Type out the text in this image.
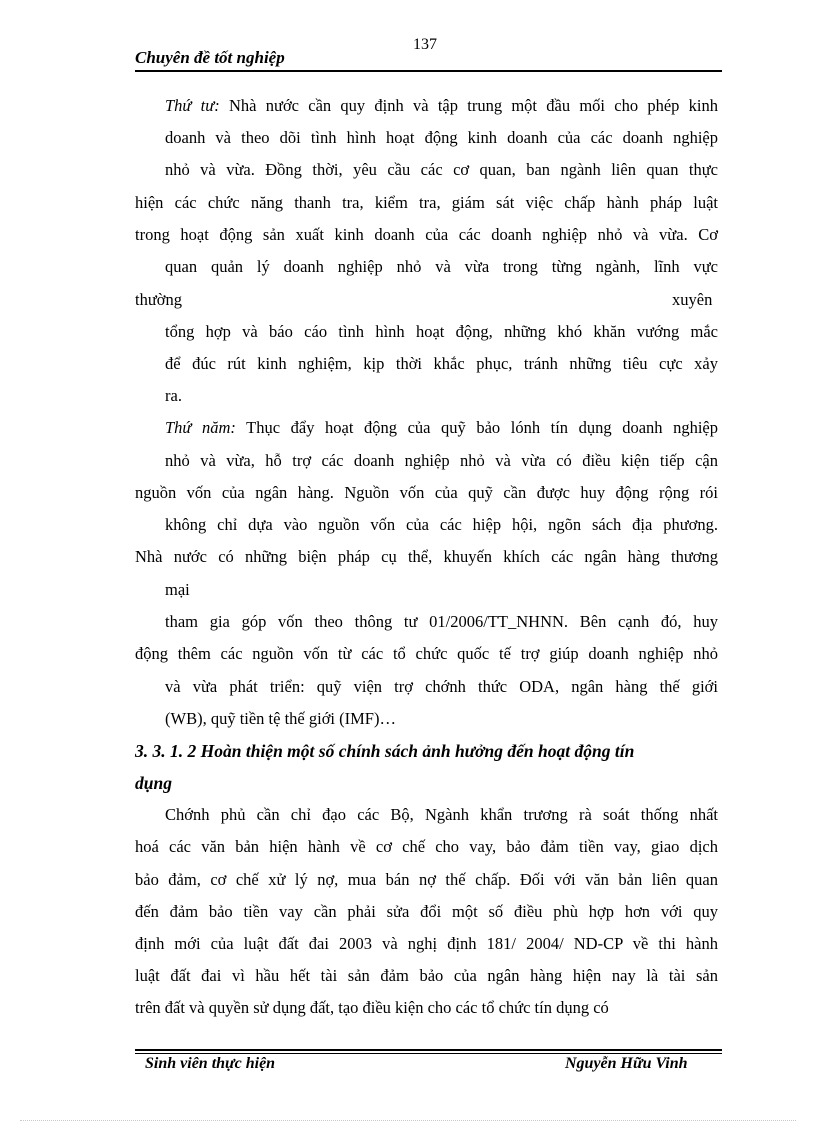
137
Chuyên đề tốt nghiệp
Thứ tư: Nhà nước cần quy định và tập trung một đầu mối cho phép kinh
doanh và theo dõi tình hình hoạt động kinh doanh của các doanh nghiệp
nhỏ và vừa. Đồng thời, yêu cầu các cơ quan, ban ngành liên quan thực
hiện các chức năng thanh tra, kiểm tra, giám sát việc chấp hành pháp luật
trong hoạt động sản xuất kinh doanh của các doanh nghiệp nhỏ và vừa. Cơ
quan quản lý doanh nghiệp nhỏ và vừa trong từng ngành, lĩnh vực
thường	xuyên
tổng hợp và báo cáo tình hình hoạt động, những khó khăn vướng mắc
để đúc rút kinh nghiệm, kịp thời khắc phục, tránh những tiêu cực xảy
ra.
Thứ năm: Thục đẩy hoạt động của quỹ bảo lónh tín dụng doanh nghiệp
nhỏ và vừa, hỗ trợ các doanh nghiệp nhỏ và vừa có điều kiện tiếp cận
nguồn vốn của ngân hàng. Nguồn vốn của quỹ cần được huy động rộng rói
không chỉ dựa vào nguồn vốn của các hiệp hội, ngõn sách địa phương.
Nhà nước có những biện pháp cụ thể, khuyến khích các ngân hàng thương
mại
tham gia góp vốn theo thông tư 01/2006/TT_NHNN. Bên cạnh đó, huy
động thêm các nguồn vốn từ các tổ chức quốc tế trợ giúp doanh nghiệp nhỏ
và vừa phát triển: quỹ viện trợ chớnh thức ODA, ngân hàng thế giới
(WB), quỹ tiền tệ thế giới (IMF)…
3. 3. 1. 2 Hoàn thiện một số chính sách ảnh hưởng đến hoạt động tín
dụng
Chớnh phủ cần chỉ đạo các Bộ, Ngành khẩn trương rà soát thống nhất
hoá các văn bản hiện hành về cơ chế cho vay, bảo đảm tiền vay, giao dịch
bảo đảm, cơ chế xử lý nợ, mua bán nợ thế chấp. Đối với văn bản liên quan
đến đảm bảo tiền vay cần phải sửa đổi một số điều phù hợp hơn với quy
định mới của luật đất đai 2003 và nghị định 181/ 2004/ ND-CP về thi hành
luật đất đai vì hầu hết tài sản đảm bảo của ngân hàng hiện nay là tài sản
trên đất và quyền sử dụng đất, tạo điều kiện cho các tổ chức tín dụng có
Sinh viên thực hiện	Nguyễn Hữu Vinh
